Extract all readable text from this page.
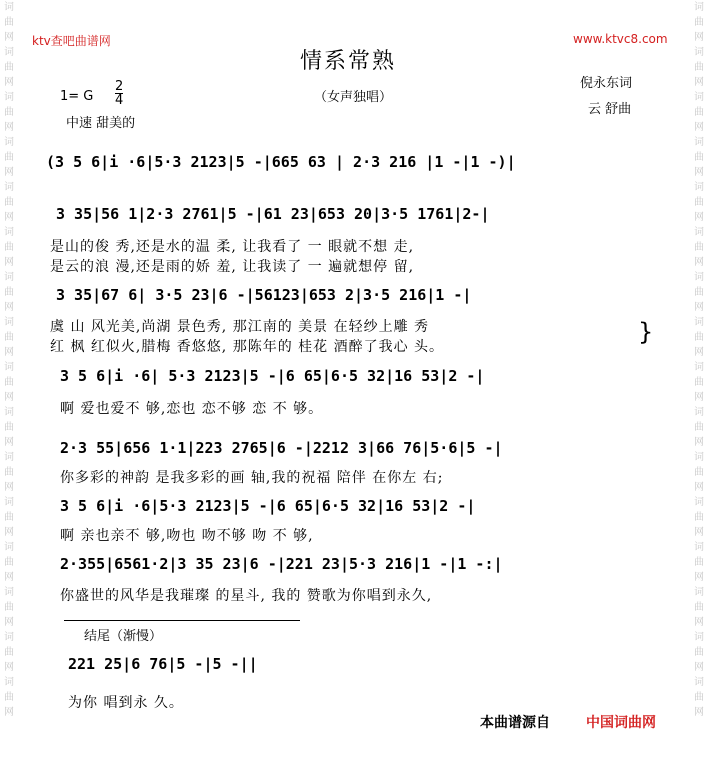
词
曲
网
词
曲
网
词
曲
网
词
曲
网
词
曲
网
词
曲
网
词
曲
网
词
曲
网
词
曲
网
词
曲
网
词
曲
网
词
曲
网
词
曲
网
词
曲
网
词
曲
网
词
曲
网
词
曲
网
词
曲
网
词
曲
网
词
曲
网
词
曲
网
词
曲
网
词
曲
网
词
曲
网
词
曲
网
词
曲
网
词
曲
网
词
曲
网
词
曲
网
词
曲
网
词
曲
网
词
曲
网
ktv查吧曲谱网	www.ktvc8.com
情系常熟
（女声独唱）
1= G
2
4
中速 甜美的
倪永东词
云 舒曲
(3 5 6|i ·6|5·3 2123|5 -|665 63 | 2·3 216 |1 -|1 -)|
3 35|56 1|2·3 2761|5 -|61 23|653 20|3·5 1761|2-|
是山的俊 秀,还是水的温 柔, 让我看了 一 眼就不想 走,
是云的浪 漫,还是雨的娇 羞, 让我读了 一 遍就想停 留,
3 35|67 6| 3·5 23|6 -|56123|653 2|3·5 216|1 -|
虞 山 风光美,尚湖 景色秀, 那江南的 美景 在轻纱上雕 秀
红 枫 红似火,腊梅 香悠悠, 那陈年的 桂花 酒醉了我心 头。
}
3 5 6|i ·6| 5·3 2123|5 -|6 65|6·5 32|16 53|2 -|
啊 爱也爱不 够,恋也 恋不够 恋 不 够。
2·3 55|656 1·1|223 2765|6 -|2212 3|66 76|5·6|5 -|
你多彩的神韵 是我多彩的画 轴,我的祝福 陪伴 在你左 右;
3 5 6|i ·6|5·3 2123|5 -|6 65|6·5 32|16 53|2 -|
啊 亲也亲不 够,吻也 吻不够 吻 不 够,
2·355|6561·2|3 35 23|6 -|221 23|5·3 216|1 -|1 -:|
你盛世的风华是我璀璨 的星斗, 我的 赞歌为你唱到永久,
结尾（渐慢）
221 25|6 76|5 -|5 -||
为你 唱到永 久。
本曲谱源自	中国词曲网
